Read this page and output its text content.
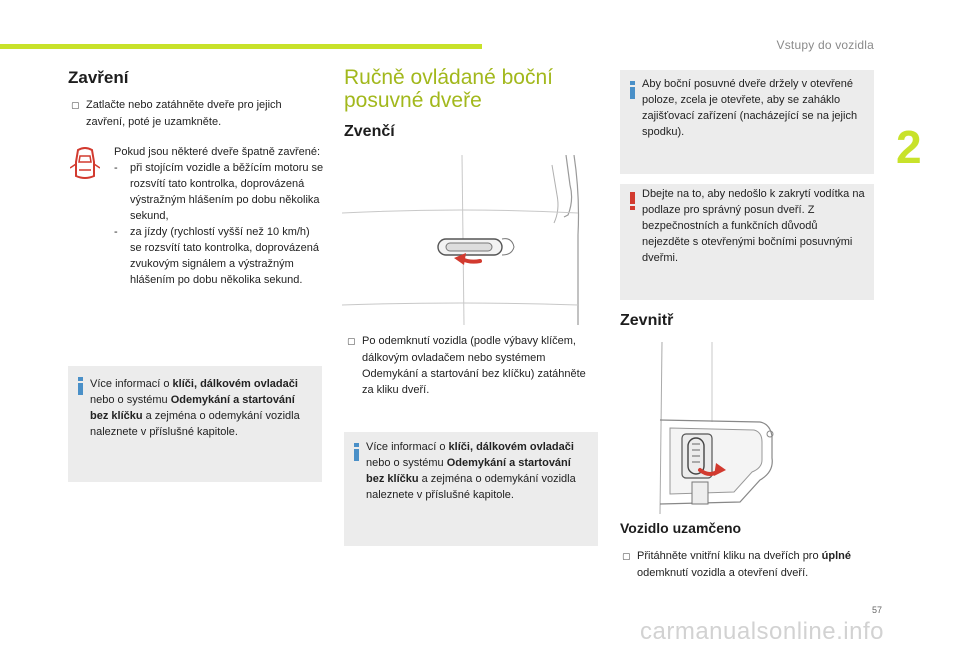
Vstupy do vozidla
2
57
carmanualsonline.info
Zavření
▢ Zatlačte nebo zatáhněte dveře pro jejich zavření, poté je uzamkněte.
Pokud jsou některé dveře špatně zavřené:
-	při stojícím vozidle a běžícím motoru se rozsvítí tato kontrolka, doprovázená výstražným hlášením po dobu několika sekund,
-	za jízdy (rychlostí vyšší než 10 km/h) se rozsvítí tato kontrolka, doprovázená zvukovým signálem a výstražným hlášením po dobu několika sekund.
Více informací o klíči, dálkovém ovladači nebo o systému Odemykání a startování bez klíčku a zejména o odemykání vozidla naleznete v příslušné kapitole.
Ručně ovládané boční posuvné dveře
Zvenčí
▢ Po odemknutí vozidla (podle výbavy klíčem, dálkovým ovladačem nebo systémem Odemykání a startování bez klíčku) zatáhněte za kliku dveří.
Více informací o klíči, dálkovém ovladači nebo o systému Odemykání a startování bez klíčku a zejména o odemykání vozidla naleznete v příslušné kapitole.
Aby boční posuvné dveře držely v otevřené poloze, zcela je otevřete, aby se zaháklo zajišťovací zařízení (nacházející se na jejich spodku).
Dbejte na to, aby nedošlo k zakrytí vodítka na podlaze pro správný posun dveří. Z bezpečnostních a funkčních důvodů nejezděte s otevřenými bočními posuvnými dveřmi.
Zevnitř
Vozidlo uzamčeno
▢ Přitáhněte vnitřní kliku na dveřích pro úplné odemknutí vozidla a otevření dveří.
